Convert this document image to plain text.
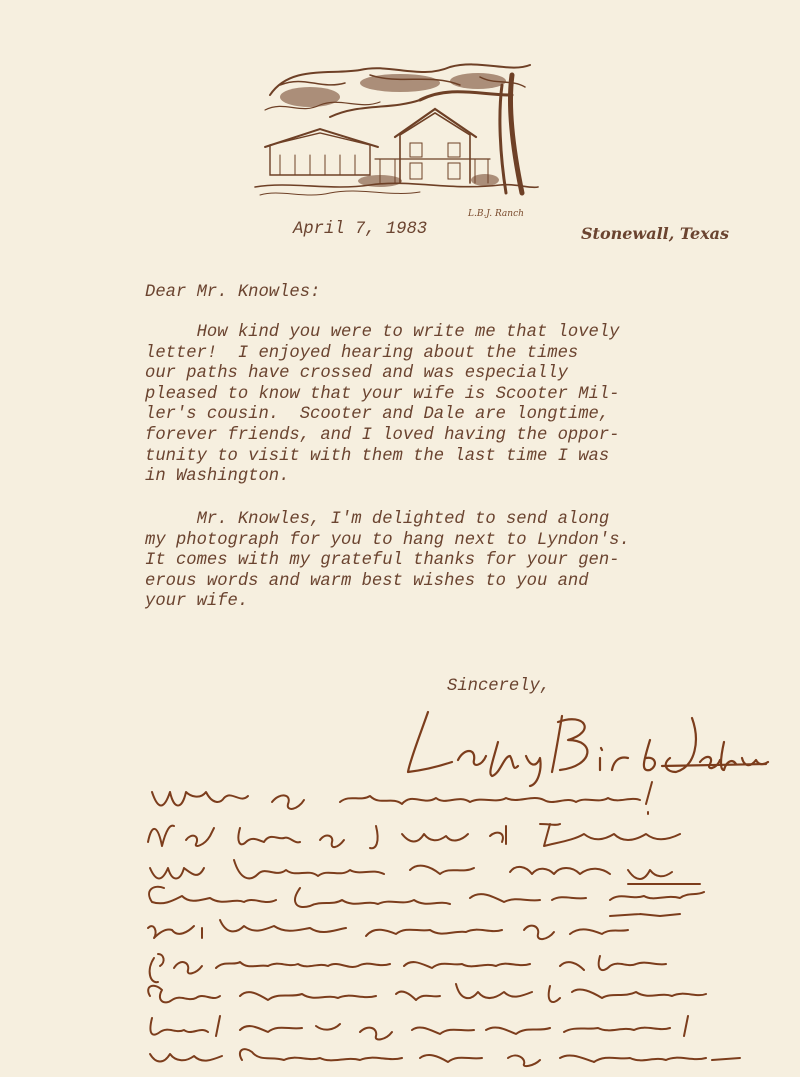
L.B.J. Ranch
April 7, 1983	Stonewall, Texas
Dear Mr. Knowles:
How kind you were to write me that lovely
letter!  I enjoyed hearing about the times
our paths have crossed and was especially
pleased to know that your wife is Scooter Mil-
ler's cousin.  Scooter and Dale are longtime,
forever friends, and I loved having the oppor-
tunity to visit with them the last time I was
in Washington.
Mr. Knowles, I'm delighted to send along
my photograph for you to hang next to Lyndon's.
It comes with my grateful thanks for your gen-
erous words and warm best wishes to you and
your wife.
Sincerely,
